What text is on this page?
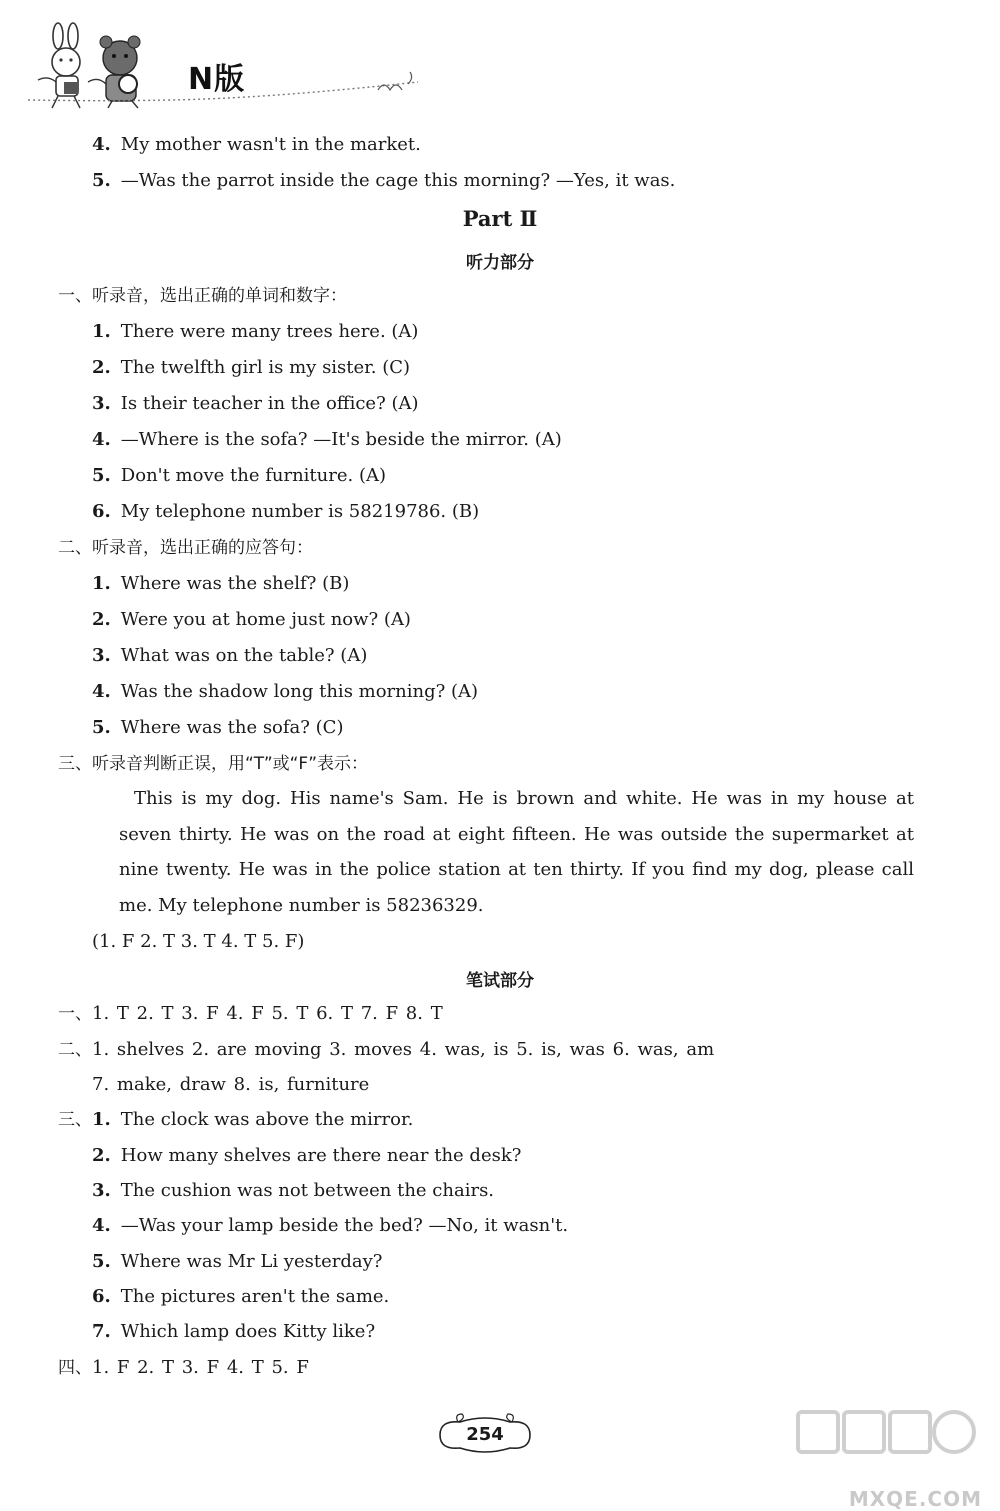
N版
4. My mother wasn't in the market.
5. —Was the parrot inside the cage this morning? —Yes, it was.
Part Ⅱ
听力部分
一、听录音，选出正确的单词和数字：
1. There were many trees here. (A)
2. The twelfth girl is my sister. (C)
3. Is their teacher in the office? (A)
4. —Where is the sofa? —It's beside the mirror. (A)
5. Don't move the furniture. (A)
6. My telephone number is 58219786. (B)
二、听录音，选出正确的应答句：
1. Where was the shelf? (B)
2. Were you at home just now? (A)
3. What was on the table? (A)
4. Was the shadow long this morning? (A)
5. Where was the sofa? (C)
三、听录音判断正误，用“T”或“F”表示：
This is my dog. His name's Sam. He is brown and white. He was in my house at seven thirty. He was on the road at eight fifteen. He was outside the supermarket at nine twenty. He was in the police station at ten thirty. If you find my dog, please call me. My telephone number is 58236329.
(1. F 2. T 3. T 4. T 5. F)
笔试部分
一、1. T 2. T 3. F 4. F 5. T 6. T 7. F 8. T
二、1. shelves 2. are moving 3. moves 4. was, is 5. is, was 6. was, am
7. make, draw 8. is, furniture
三、1. The clock was above the mirror.
2. How many shelves are there near the desk?
3. The cushion was not between the chairs.
4. —Was your lamp beside the bed? —No, it wasn't.
5. Where was Mr Li yesterday?
6. The pictures aren't the same.
7. Which lamp does Kitty like?
四、1. F 2. T 3. F 4. T 5. F
254
MXQE.COM
